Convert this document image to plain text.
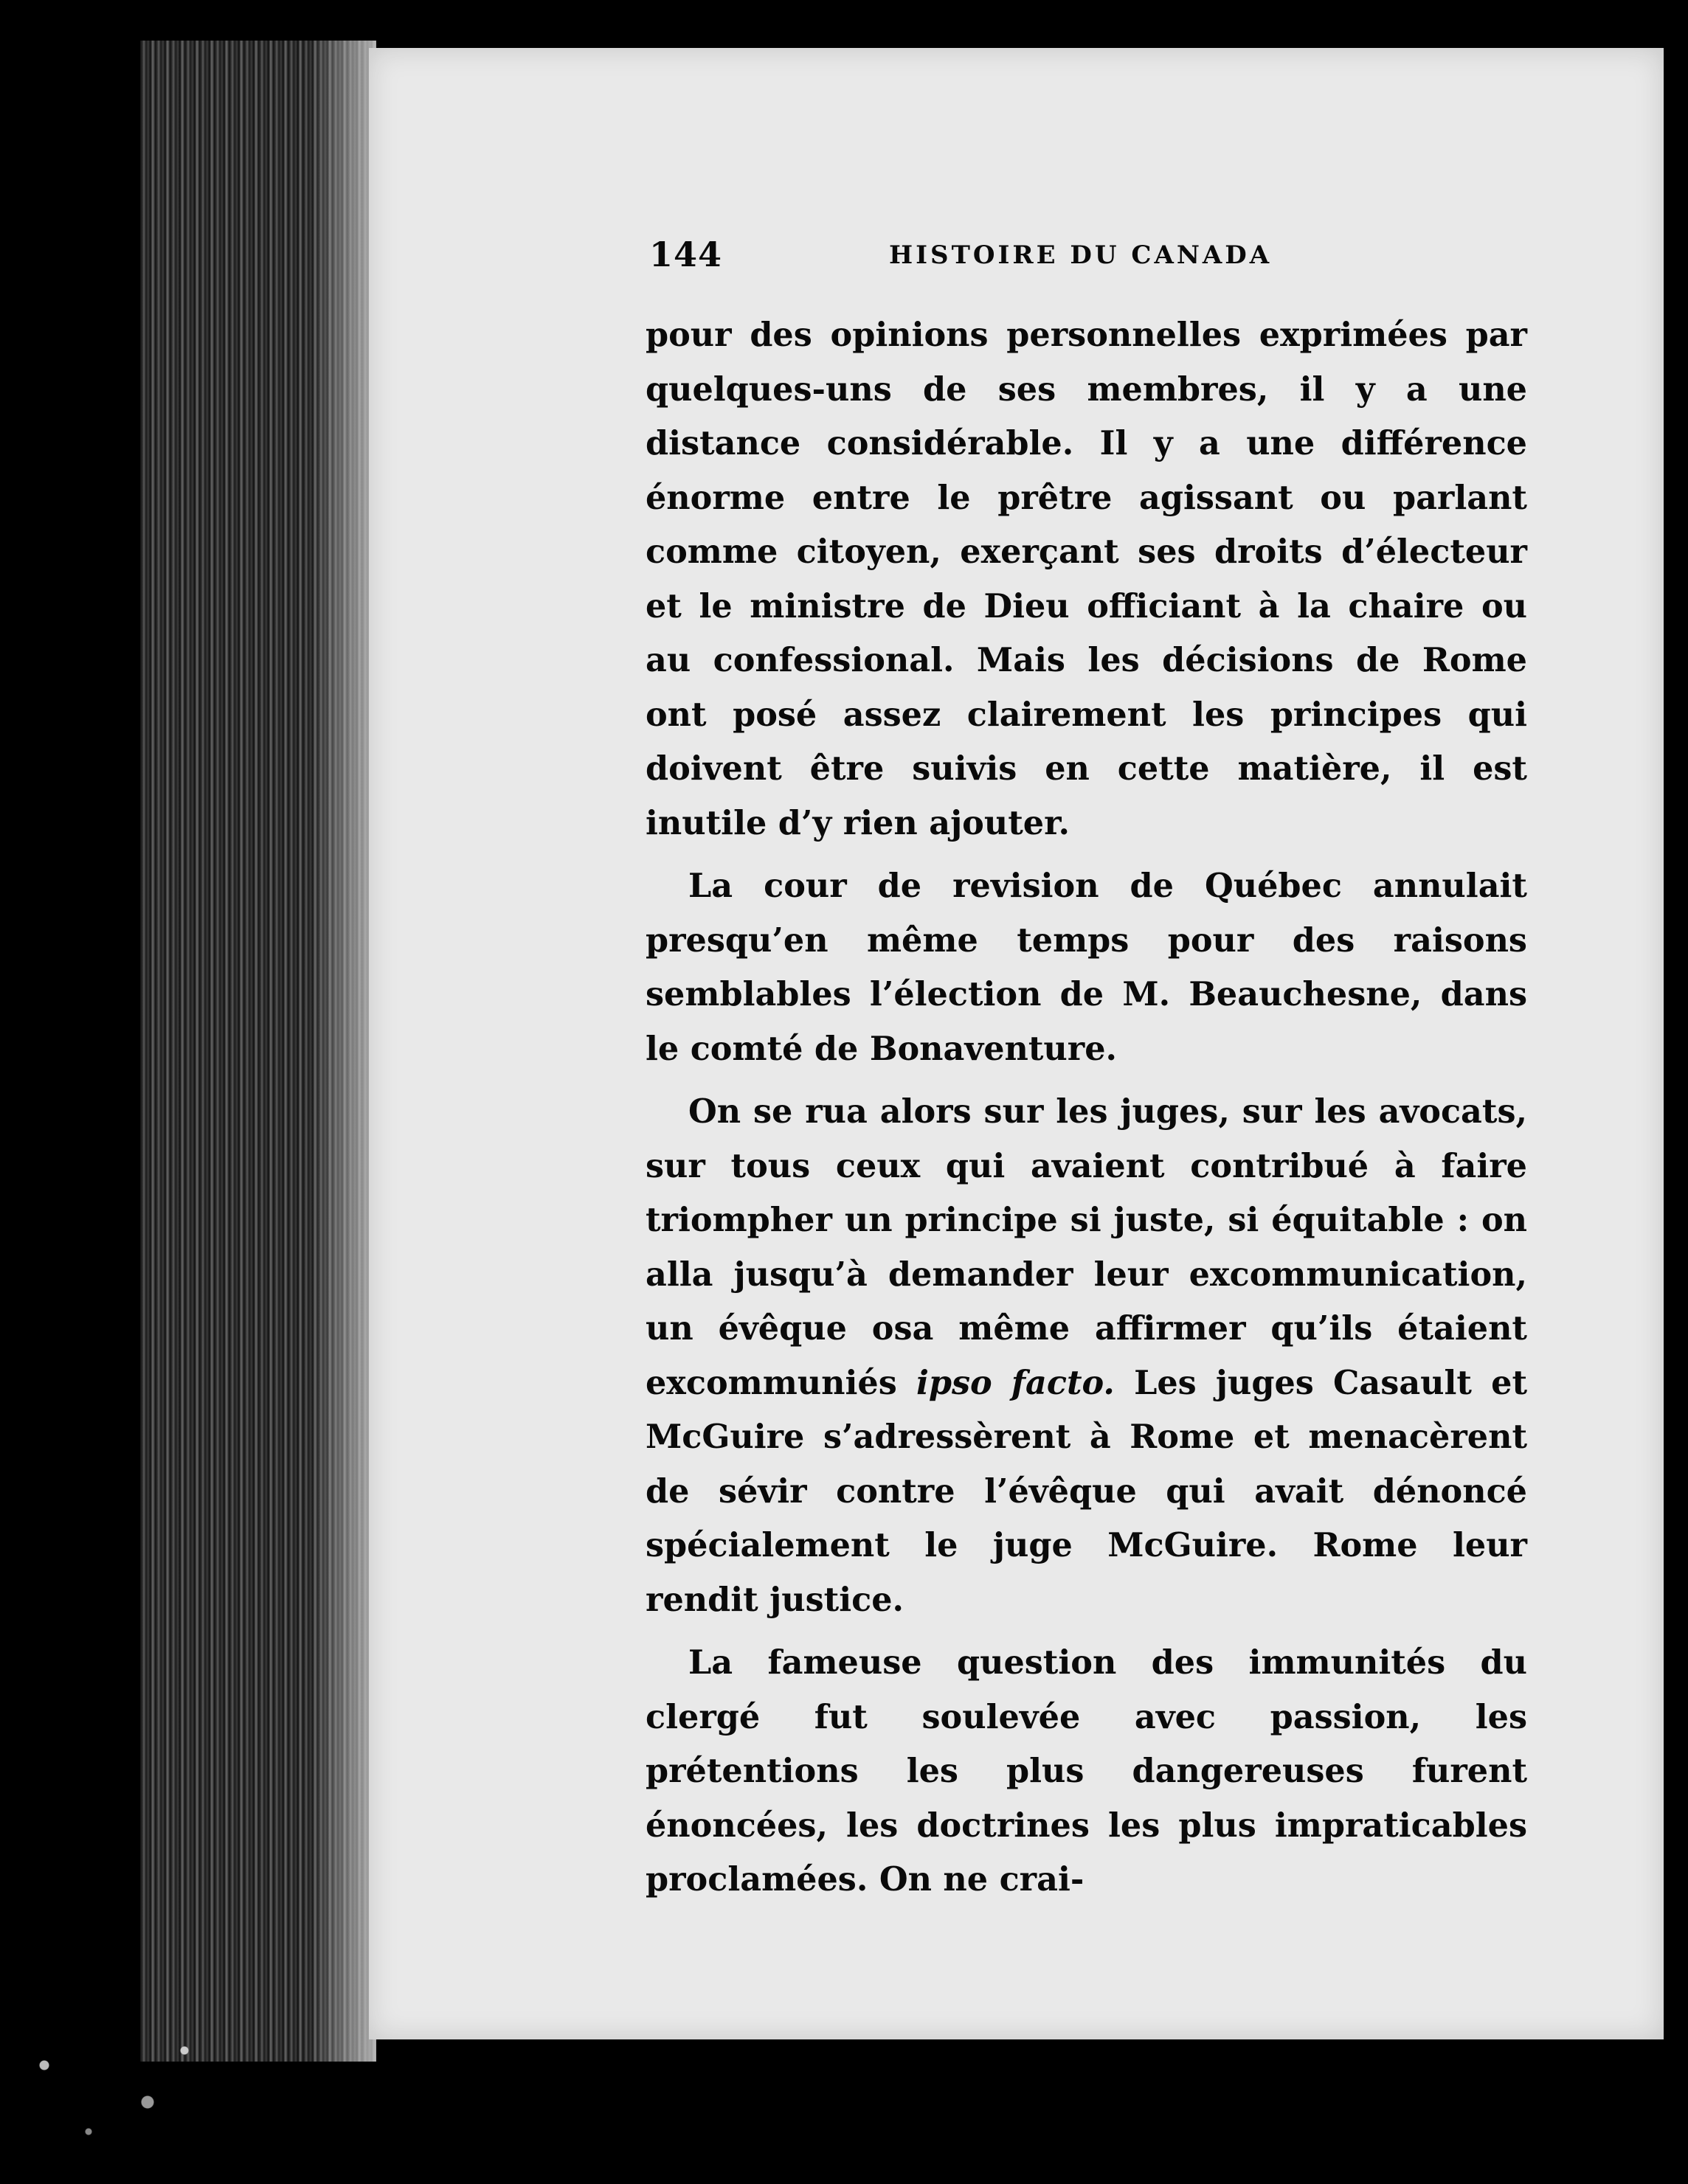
144	HISTOIRE DU CANADA

pour des opinions personnelles exprimées par quelques-uns de ses membres, il y a une distance considérable. Il y a une différence énorme entre le prêtre agissant ou parlant comme citoyen, exerçant ses droits d’électeur et le ministre de Dieu officiant à la chaire ou au confessional. Mais les décisions de Rome ont posé assez clairement les principes qui doivent être suivis en cette matière, il est inutile d’y rien ajouter.

La cour de revision de Québec annulait presqu’en même temps pour des raisons semblables l’élection de M. Beauchesne, dans le comté de Bonaventure.

On se rua alors sur les juges, sur les avocats, sur tous ceux qui avaient contribué à faire triompher un principe si juste, si équitable : on alla jusqu’à demander leur excommunication, un évêque osa même affirmer qu’ils étaient excommuniés ipso facto. Les juges Casault et McGuire s’adressèrent à Rome et menacèrent de sévir contre l’évêque qui avait dénoncé spécialement le juge McGuire. Rome leur rendit justice.

La fameuse question des immunités du clergé fut soulevée avec passion, les prétentions les plus dangereuses furent énoncées, les doctrines les plus impraticables proclamées. On ne crai-
